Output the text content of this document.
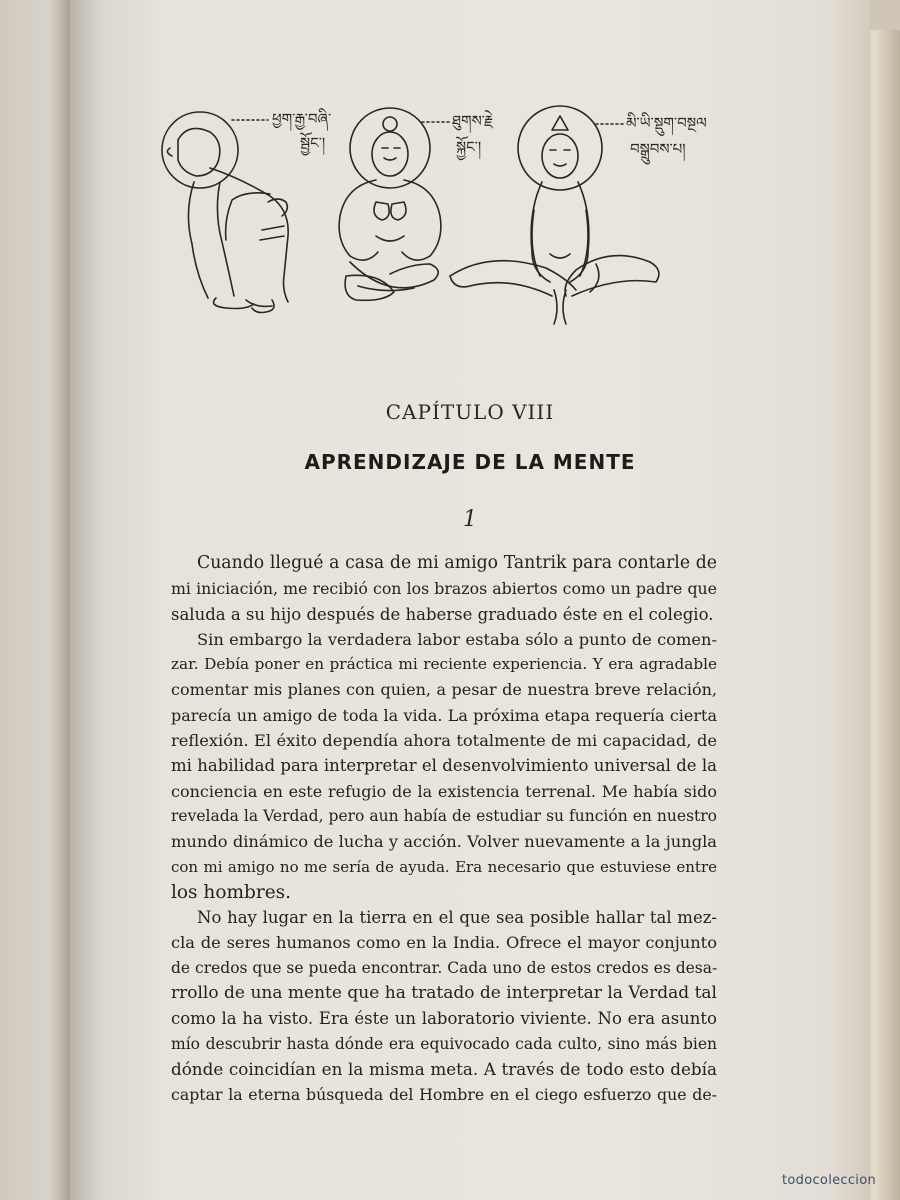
ཕྱག་རྒྱ་བཞི་
སྦྱོང་།
ཐུགས་རྗེ
སྐྱོང་།
མི་ཡི་སྡུག་བསྔལ
བསྒྲུབས་པ།
CAPÍTULO VIII
APRENDIZAJE DE LA MENTE
1

Cuando llegué a casa de mi amigo Tantrik para contarle de
mi iniciación, me recibió con los brazos abiertos como un padre que
saluda a su hijo después de haberse graduado éste en el colegio.

Sin embargo la verdadera labor estaba sólo a punto de comen-
zar. Debía poner en práctica mi reciente experiencia. Y era agradable
comentar mis planes con quien, a pesar de nuestra breve relación,
parecía un amigo de toda la vida. La próxima etapa requería cierta
reflexión. El éxito dependía ahora totalmente de mi capacidad, de
mi habilidad para interpretar el desenvolvimiento universal de la
conciencia en este refugio de la existencia terrenal. Me había sido
revelada la Verdad, pero aun había de estudiar su función en nuestro
mundo dinámico de lucha y acción. Volver nuevamente a la jungla
con mi amigo no me sería de ayuda. Era necesario que estuviese entre
los hombres.

No hay lugar en la tierra en el que sea posible hallar tal mez-
cla de seres humanos como en la India. Ofrece el mayor conjunto
de credos que se pueda encontrar. Cada uno de estos credos es desa-
rrollo de una mente que ha tratado de interpretar la Verdad tal
como la ha visto. Era éste un laboratorio viviente. No era asunto
mío descubrir hasta dónde era equivocado cada culto, sino más bien
dónde coincidían en la misma meta. A través de todo esto debía
captar la eterna búsqueda del Hombre en el ciego esfuerzo que de-

todocoleccion
